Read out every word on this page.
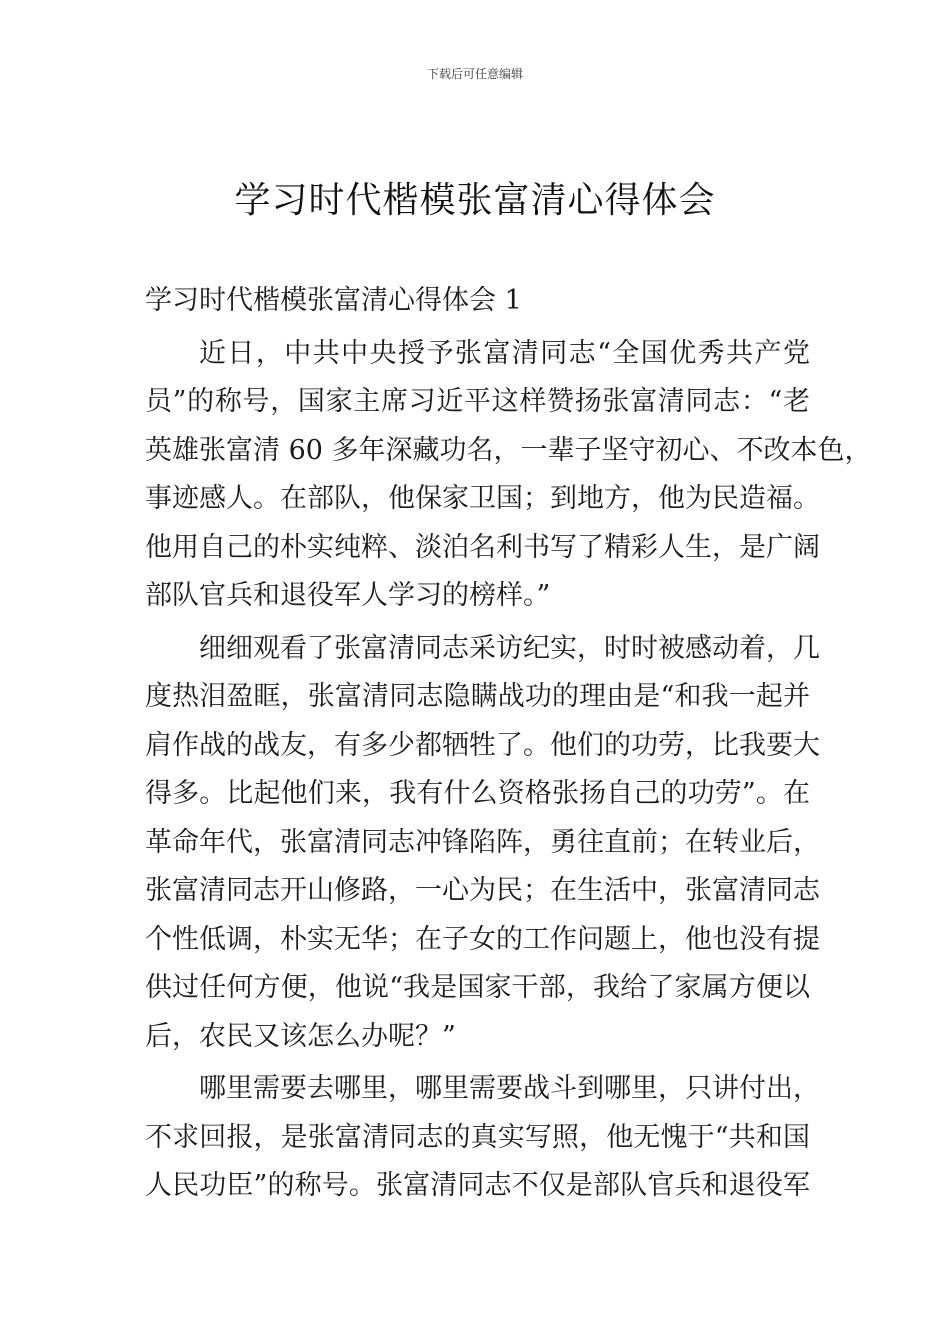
下载后可任意编辑
学习时代楷模张富清心得体会
学习时代楷模张富清心得体会 1
近日，中共中央授予张富清同志“全国优秀共产党
员”的称号，国家主席习近平这样赞扬张富清同志：“老
英雄张富清 60 多年深藏功名，一辈子坚守初心、不改本色，
事迹感人。在部队，他保家卫国；到地方，他为民造福。
他用自己的朴实纯粹、淡泊名利书写了精彩人生，是广阔
部队官兵和退役军人学习的榜样。”
细细观看了张富清同志采访纪实，时时被感动着，几
度热泪盈眶，张富清同志隐瞒战功的理由是“和我一起并
肩作战的战友，有多少都牺牲了。他们的功劳，比我要大
得多。比起他们来，我有什么资格张扬自己的功劳”。在
革命年代，张富清同志冲锋陷阵，勇往直前；在转业后，
张富清同志开山修路，一心为民；在生活中，张富清同志
个性低调，朴实无华；在子女的工作问题上，他也没有提
供过任何方便，他说“我是国家干部，我给了家属方便以
后，农民又该怎么办呢？”
哪里需要去哪里，哪里需要战斗到哪里，只讲付出，
不求回报，是张富清同志的真实写照，他无愧于“共和国
人民功臣”的称号。张富清同志不仅是部队官兵和退役军
